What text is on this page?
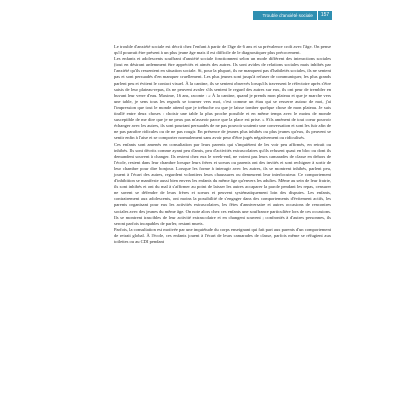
Trouble d'anxiété sociale	157

Le trouble d'anxiété sociale est décrit chez l'enfant à partir de l'âge de 6 ans et sa prévalence croît avec l'âge. On pense qu'il pourrait être présent à un plus jeune âge mais il est difficile de le diagnostiquer plus précocement.

Les enfants et adolescents souffrant d'anxiété sociale fonctionnent selon un mode différent des interactions sociales (tout en désirant ardemment être appréciés et aimés des autres. Ils sont avides de relations sociales mais inhibés par l'anxiété qu'ils ressentent en situation sociale. Si, pour la plupart, ils ne manquent pas d'habiletés sociales, ils ne sentent pas et sont persuadés d'en manquer cruellement. Les plus jeunes sont jusqu'à refuser de communiquer, les plus grands parlent peu et évitent le contact visuel. À la cantine, ils se sentent observés lorsqu'ils traversent le réfectoire après s'être saisis de leur plateau-repas, ils ne peuvent avaler s'ils sentent le regard des autres sur eux, ils ont peur de trembler en buvant leur verre d'eau. Maxime, 16 ans, raconte : « À la cantine, quand je prends mon plateau et que je marche vers une table, je sens tous les regards se tourner vers moi, c'est comme un étau qui se resserre autour de moi, j'ai l'impression que tout le monde attend que je trébuche ou que je laisse tomber quelque chose de mon plateau. Je suis tirallé entre deux choses : choisir une table la plus proche possible et en même temps avec le moins de monde susceptible de me dire que je ne peux pas m'asseoir parce que la place est prise. » S'ils amènent de tout coeur pouvoir échanger avec les autres, ils sont pourtant persuadés de ne pas pouvoir soutenir une conversation et sont les fuir afin de ne pas paraître ridicules ou de ne pas rougir. En présence de jeunes plus inhibés ou plus jeunes qu'eux, ils peuvent se sentir enfin à l'aise et se comporter normalement sans avoir peur d'être jugés négativement ou ridiculisés.

Ces enfants sont amenés en consultation par leurs parents qui s'inquiètent de les voir peu affirmés, en retrait ou inhibés. Ils sont décrits comme ayant peu d'amis, peu d'activités extrascolaires qu'ils refusent quasi en bloc ou dont ils demandent souvent à changer. Ils restent chez eux le week-end, ne voient pas leurs camarades de classe en dehors de l'école, restent dans leur chambre lorsque leurs frères et soeurs ou parents ont des invités et sont rechigner à sortir de leur chambre pour dire bonjour. Lorsque les forme à interagir avec les autres, ils se montrent inhibés, parlent peu, jouent à l'écart des autres, regardent volontiers leurs chaussures ou demeurent leur interlocuteur. Ce comportement d'inhibition se manifeste aussi bien envers les enfants du même âge qu'envers les adultes. Même au sein de leur fratrie, ils sont inhibés et ont du mal à s'affirmer au point de laisser les autres accaparer la parole pendant les repas, censurer ne savent se défendre de leurs frères et soeurs et peuvent systématiquement loin des disputes. Les enfants, contrairement aux adolescents, ont moins la possibilité de s'engager dans des comportements d'évitement actifs, les parents organisant pour eux les activités extrascolaires, les fêtes d'anniversaire et autres occasions de rencontres sociales avec des jeunes du même âge. On note alors chez ces enfants une souffrance particulière lors de ces occasions. Ils se montrent irascibles de leur activité extrascolaire et en changent souvent ; confrontés à d'autres personnes, ils seront parfois incapables de parler, restant muets.

Parfois, la consultation est motivée par une inquiétude du corps enseignant qui fait part aux parents d'un comportement de retrait global. À l'école, ces enfants jouent à l'écart de leurs camarades de classe, parfois même se réfugient aux toilettes ou au CDI pendant
